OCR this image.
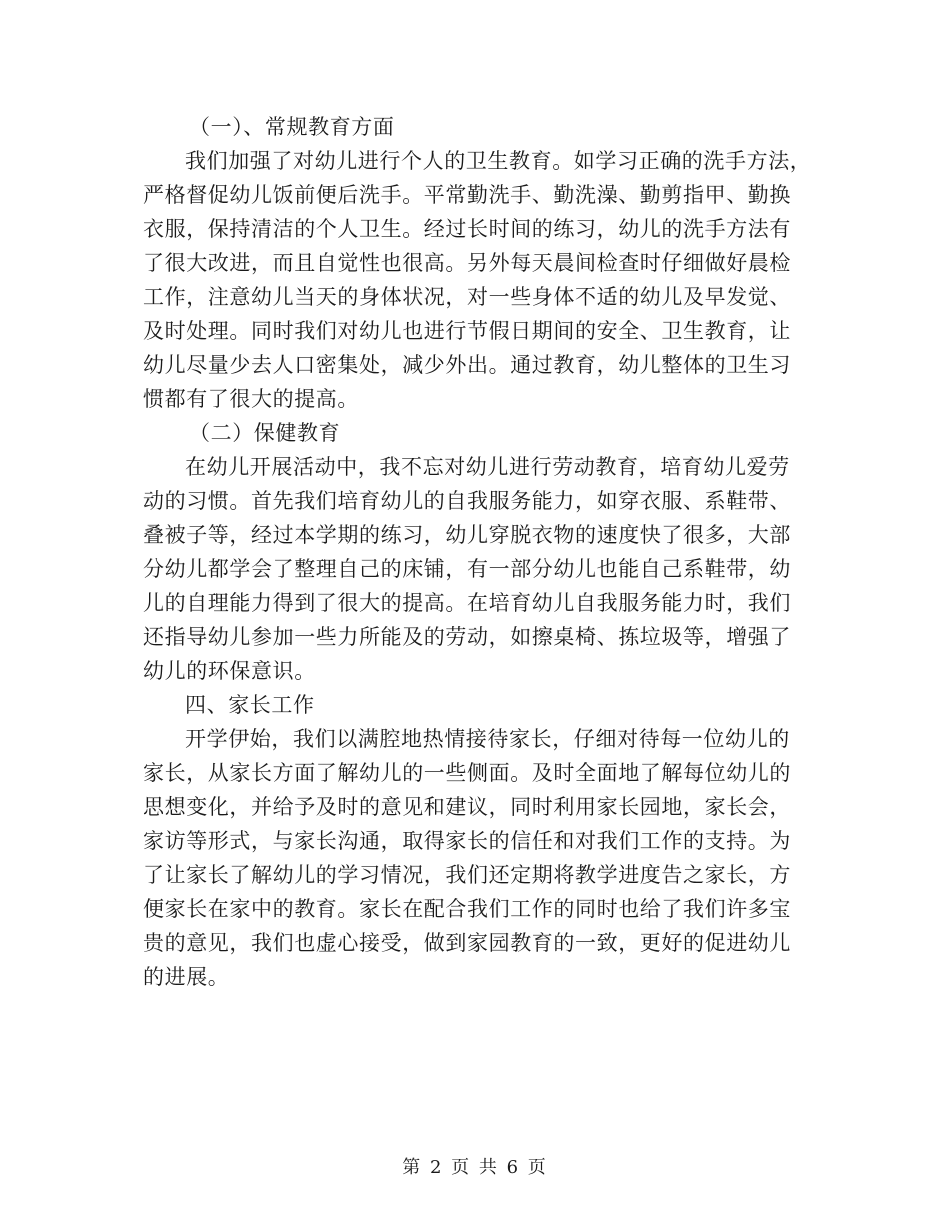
（一）、常规教育方面
我们加强了对幼儿进行个人的卫生教育。如学习正确的洗手方法，
严格督促幼儿饭前便后洗手。平常勤洗手、勤洗澡、勤剪指甲、勤换
衣服，保持清洁的个人卫生。经过长时间的练习，幼儿的洗手方法有
了很大改进，而且自觉性也很高。另外每天晨间检查时仔细做好晨检
工作，注意幼儿当天的身体状况，对一些身体不适的幼儿及早发觉、
及时处理。同时我们对幼儿也进行节假日期间的安全、卫生教育，让
幼儿尽量少去人口密集处，减少外出。通过教育，幼儿整体的卫生习
惯都有了很大的提高。
（二）保健教育
在幼儿开展活动中，我不忘对幼儿进行劳动教育，培育幼儿爱劳
动的习惯。首先我们培育幼儿的自我服务能力，如穿衣服、系鞋带、
叠被子等，经过本学期的练习，幼儿穿脱衣物的速度快了很多，大部
分幼儿都学会了整理自己的床铺，有一部分幼儿也能自己系鞋带，幼
儿的自理能力得到了很大的提高。在培育幼儿自我服务能力时，我们
还指导幼儿参加一些力所能及的劳动，如擦桌椅、拣垃圾等，增强了
幼儿的环保意识。
四、家长工作
开学伊始，我们以满腔地热情接待家长，仔细对待每一位幼儿的
家长，从家长方面了解幼儿的一些侧面。及时全面地了解每位幼儿的
思想变化，并给予及时的意见和建议，同时利用家长园地，家长会，
家访等形式，与家长沟通，取得家长的信任和对我们工作的支持。为
了让家长了解幼儿的学习情况，我们还定期将教学进度告之家长，方
便家长在家中的教育。家长在配合我们工作的同时也给了我们许多宝
贵的意见，我们也虚心接受，做到家园教育的一致，更好的促进幼儿
的进展。
第 2 页 共 6 页
